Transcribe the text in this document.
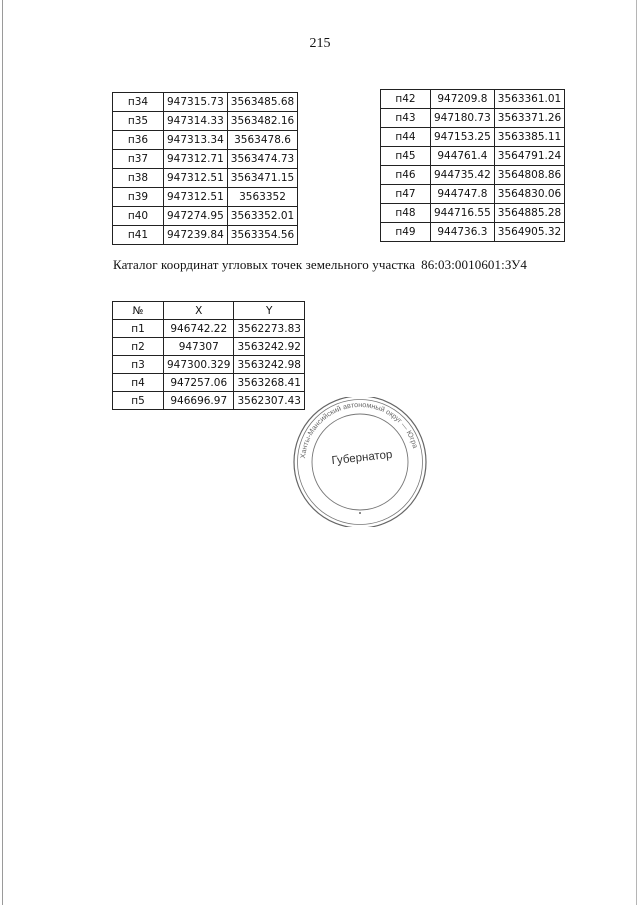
215
п34	947315.73	3563485.68
п35	947314.33	3563482.16
п36	947313.34	3563478.6
п37	947312.71	3563474.73
п38	947312.51	3563471.15
п39	947312.51	3563352
п40	947274.95	3563352.01
п41	947239.84	3563354.56
п42	947209.8	3563361.01
п43	947180.73	3563371.26
п44	947153.25	3563385.11
п45	944761.4	3564791.24
п46	944735.42	3564808.86
п47	944747.8	3564830.06
п48	944716.55	3564885.28
п49	944736.3	3564905.32
Каталог координат угловых точек земельного участка 86:03:0010601:ЗУ4
№	X	Y
п1	946742.22	3562273.83
п2	947307	3563242.92
п3	947300.329	3563242.98
п4	947257.06	3563268.41
п5	946696.97	3562307.43
Ханты-Мансийский автономный округ — Югра
Губернатор
